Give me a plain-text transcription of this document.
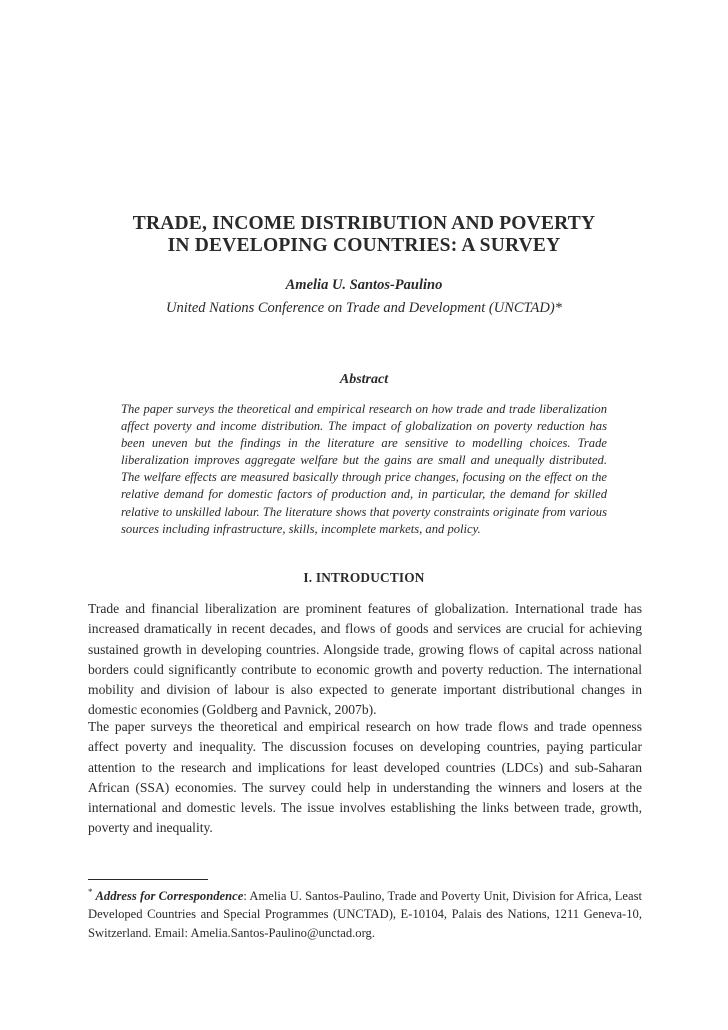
TRADE, INCOME DISTRIBUTION AND POVERTY
IN DEVELOPING COUNTRIES: A SURVEY
Amelia U. Santos-Paulino
United Nations Conference on Trade and Development (UNCTAD)*
Abstract

The paper surveys the theoretical and empirical research on how trade and trade liberalization affect poverty and income distribution. The impact of globalization on poverty reduction has been uneven but the findings in the literature are sensitive to modelling choices. Trade liberalization improves aggregate welfare but the gains are small and unequally distributed. The welfare effects are measured basically through price changes, focusing on the effect on the relative demand for domestic factors of production and, in particular, the demand for skilled relative to unskilled labour. The literature shows that poverty constraints originate from various sources including infrastructure, skills, incomplete markets, and policy.

I. INTRODUCTION

Trade and financial liberalization are prominent features of globalization. International trade has increased dramatically in recent decades, and flows of goods and services are crucial for achieving sustained growth in developing countries. Alongside trade, growing flows of capital across national borders could significantly contribute to economic growth and poverty reduction. The international mobility and division of labour is also expected to generate important distributional changes in domestic economies (Goldberg and Pavnick, 2007b).

The paper surveys the theoretical and empirical research on how trade flows and trade openness affect poverty and inequality. The discussion focuses on developing countries, paying particular attention to the research and implications for least developed countries (LDCs) and sub-Saharan African (SSA) economies. The survey could help in understanding the winners and losers at the international and domestic levels. The issue involves establishing the links between trade, growth, poverty and inequality.

* Address for Correspondence: Amelia U. Santos-Paulino, Trade and Poverty Unit, Division for Africa, Least Developed Countries and Special Programmes (UNCTAD), E-10104, Palais des Nations, 1211 Geneva-10, Switzerland. Email: Amelia.Santos-Paulino@unctad.org.
